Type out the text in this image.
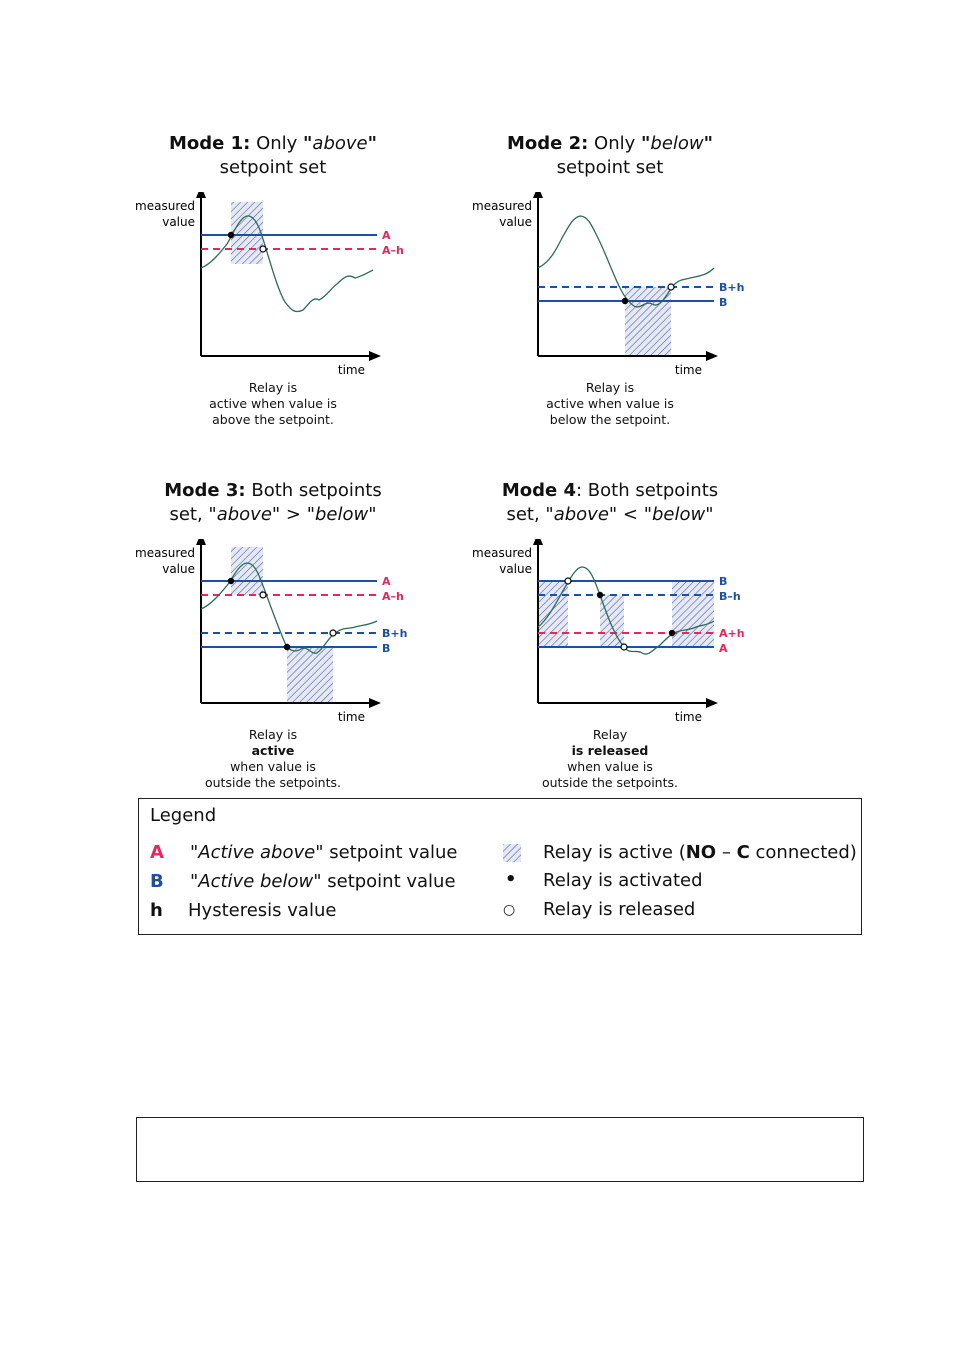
Mode 1: Only "above"
setpoint set
measured
value
A
A–h
time
Relay is
active when value is
above the setpoint.
Mode 2: Only "below"
setpoint set
measured
value
B+h
B
time
Relay is
active when value is
below the setpoint.
Mode 3: Both setpoints
set, "above" > "below"
measured
value
A
A–h
B+h
B
time
Relay is
active
when value is
outside the setpoints.
Mode 4: Both setpoints
set, "above" < "below"
measured
value
B
B–h
A+h
A
time
Relay
is released
when value is
outside the setpoints.
Legend
A "Active above" setpoint value
B "Active below" setpoint value
h Hysteresis value
Relay is active (NO – C connected)
• Relay is activated
○ Relay is released
